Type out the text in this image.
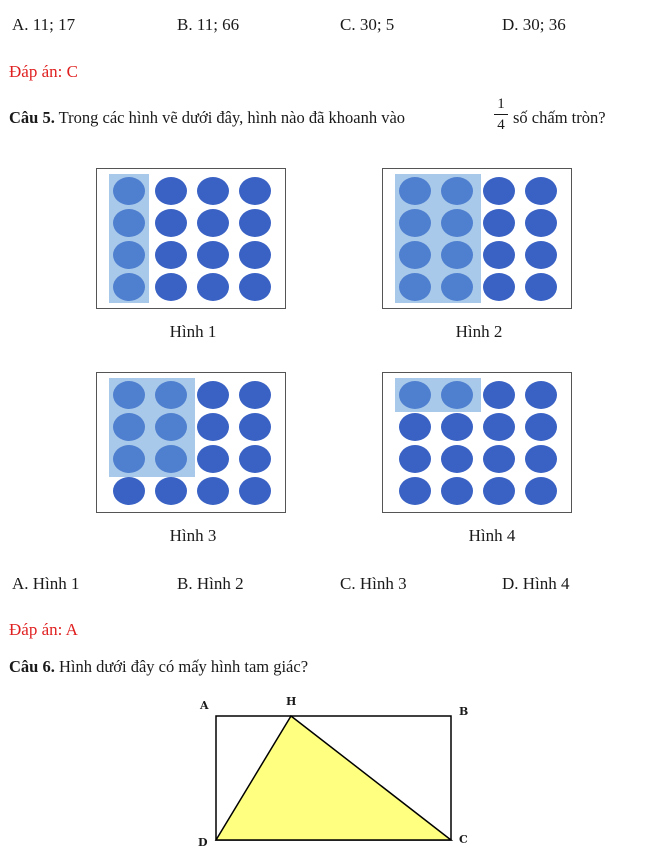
A. 11; 17	B. 11; 66	C. 30; 5	D. 30; 36
Đáp án: C
Câu 5. Trong các hình vẽ dưới đây, hình nào đã khoanh vào
1
4 số chấm tròn?
Hình 1	Hình 2
Hình 3	Hình 4
A. Hình 1	B. Hình 2	C. Hình 3	D. Hình 4
Đáp án: A
Câu 6. Hình dưới đây có mấy hình tam giác?
A	H
B
D	C
